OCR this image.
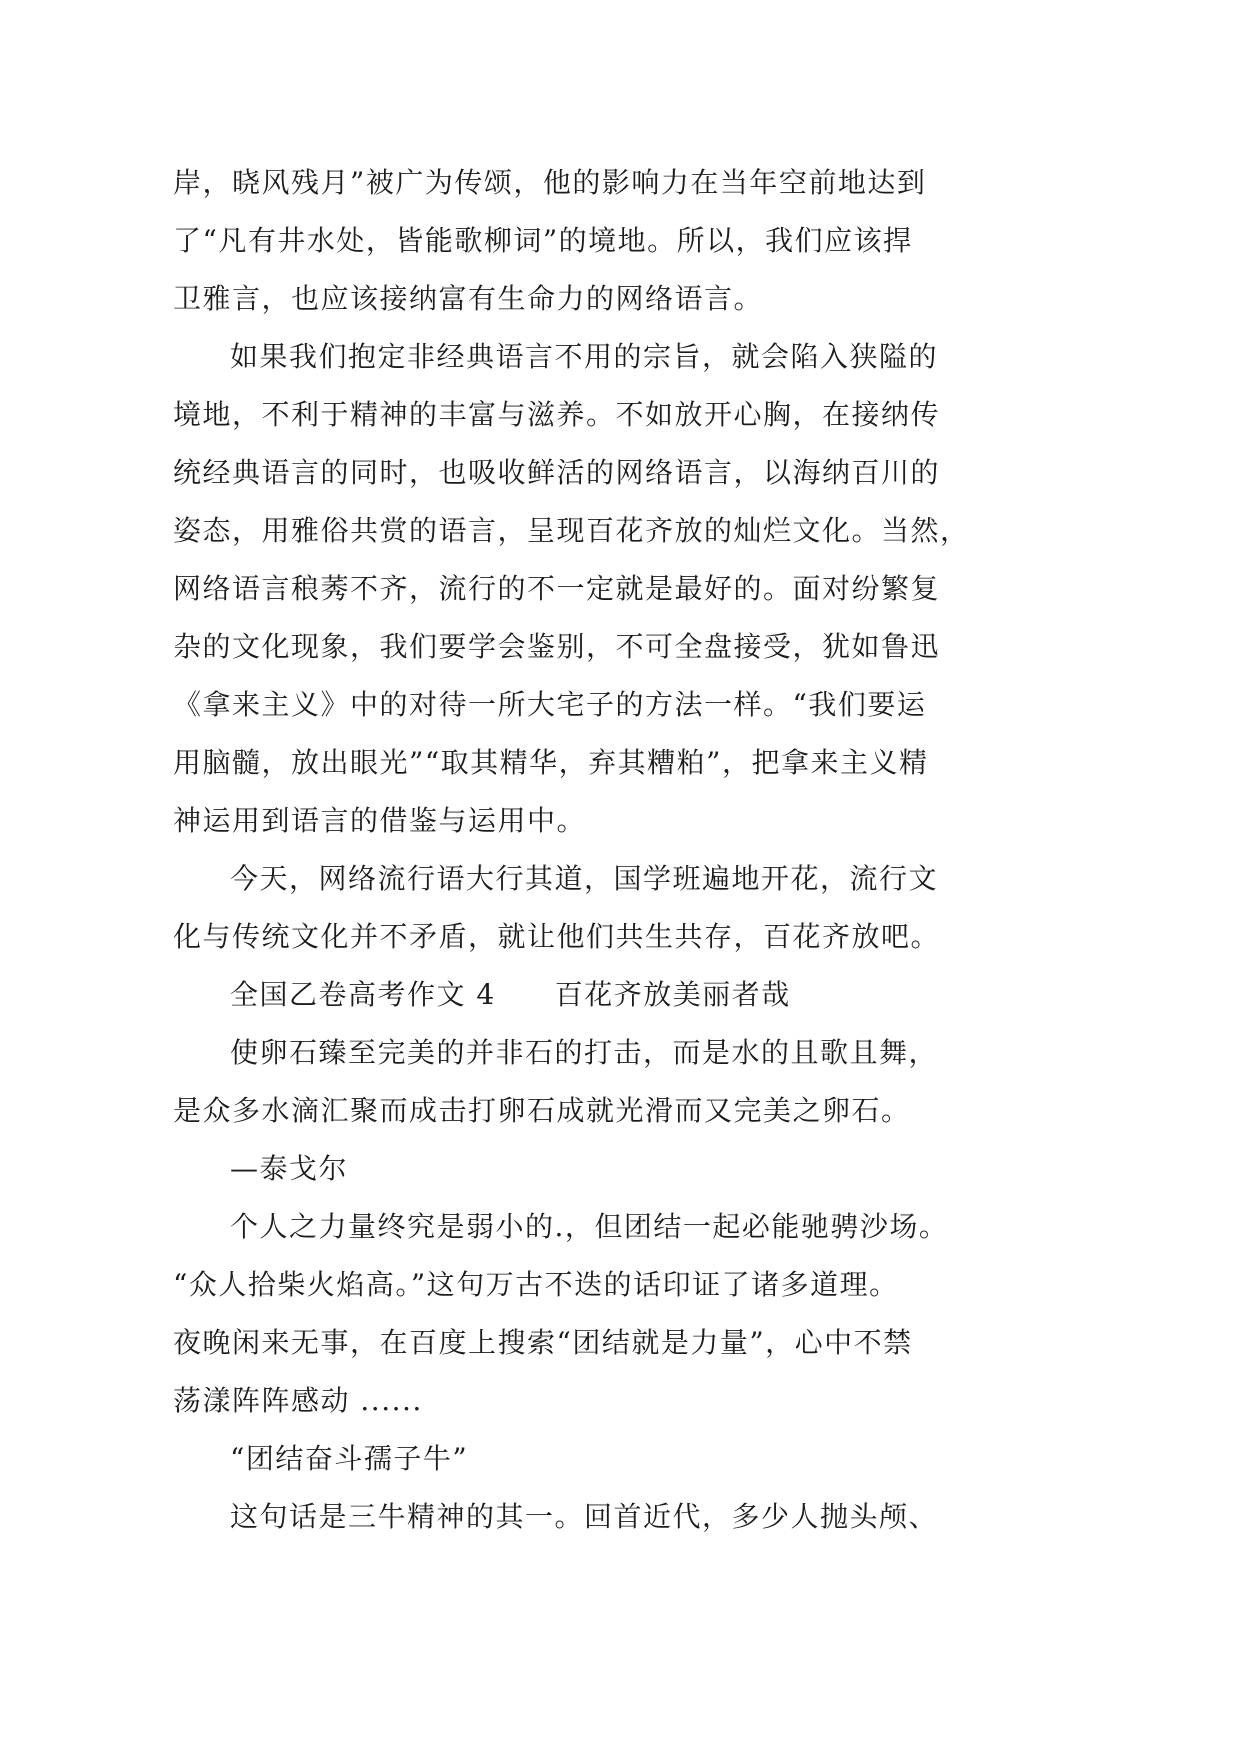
岸，晓风残月”被广为传颂，他的影响力在当年空前地达到
了“凡有井水处，皆能歌柳词”的境地。所以，我们应该捍
卫雅言，也应该接纳富有生命力的网络语言。
如果我们抱定非经典语言不用的宗旨，就会陷入狭隘的
境地，不利于精神的丰富与滋养。不如放开心胸，在接纳传
统经典语言的同时，也吸收鲜活的网络语言，以海纳百川的
姿态，用雅俗共赏的语言，呈现百花齐放的灿烂文化。当然，
网络语言稂莠不齐，流行的不一定就是最好的。面对纷繁复
杂的文化现象，我们要学会鉴别，不可全盘接受，犹如鲁迅
《拿来主义》中的对待一所大宅子的方法一样。“我们要运
用脑髓，放出眼光”“取其精华，弃其糟粕”，把拿来主义精
神运用到语言的借鉴与运用中。
今天，网络流行语大行其道，国学班遍地开花，流行文
化与传统文化并不矛盾，就让他们共生共存，百花齐放吧。
全国乙卷高考作文 4　　百花齐放美丽者哉
使卵石臻至完美的并非石的打击，而是水的且歌且舞，
是众多水滴汇聚而成击打卵石成就光滑而又完美之卵石。
—泰戈尔
个人之力量终究是弱小的.，但团结一起必能驰骋沙场。
“众人拾柴火焰高。”这句万古不迭的话印证了诸多道理。
夜晚闲来无事，在百度上搜索“团结就是力量”，心中不禁
荡漾阵阵感动 ......
“团结奋斗孺子牛”
这句话是三牛精神的其一。回首近代，多少人抛头颅、
